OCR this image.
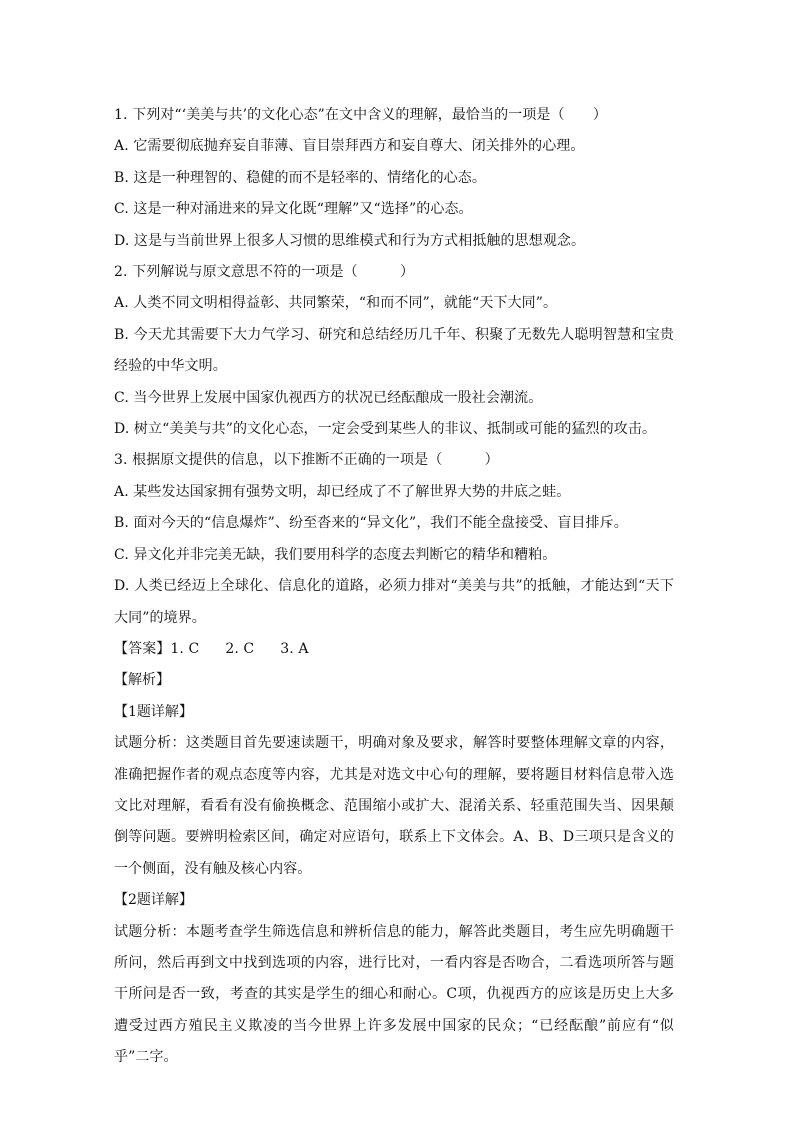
1. 下列对“‘美美与共’的文化心态”在文中含义的理解，最恰当的一项是（　　）
A. 它需要彻底抛弃妄自菲薄、盲目崇拜西方和妄自尊大、闭关排外的心理。
B. 这是一种理智的、稳健的而不是轻率的、情绪化的心态。
C. 这是一种对涌进来的异文化既“理解”又“选择”的心态。
D. 这是与当前世界上很多人习惯的思维模式和行为方式相抵触的思想观念。
2. 下列解说与原文意思不符的一项是（　　　）
A. 人类不同文明相得益彰、共同繁荣，“和而不同”，就能“天下大同”。
B. 今天尤其需要下大力气学习、研究和总结经历几千年、积聚了无数先人聪明智慧和宝贵经验的中华文明。
C. 当今世界上发展中国家仇视西方的状况已经酝酿成一股社会潮流。
D. 树立“美美与共”的文化心态，一定会受到某些人的非议、抵制或可能的猛烈的攻击。
3. 根据原文提供的信息，以下推断不正确的一项是（　　　）
A. 某些发达国家拥有强势文明，却已经成了不了解世界大势的井底之蛙。
B. 面对今天的“信息爆炸”、纷至沓来的“异文化”，我们不能全盘接受、盲目排斥。
C. 异文化并非完美无缺，我们要用科学的态度去判断它的精华和糟粕。
D. 人类已经迈上全球化、信息化的道路，必须力排对“美美与共”的抵触，才能达到“天下大同”的境界。
【答案】1. C 2. C 3. A
【解析】
【1题详解】
试题分析：这类题目首先要速读题干，明确对象及要求，解答时要整体理解文章的内容，准确把握作者的观点态度等内容，尤其是对选文中心句的理解，要将题目材料信息带入选文比对理解，看看有没有偷换概念、范围缩小或扩大、混淆关系、轻重范围失当、因果颠倒等问题。要辨明检索区间，确定对应语句，联系上下文体会。A、B、D三项只是含义的一个侧面，没有触及核心内容。
【2题详解】
试题分析：本题考查学生筛选信息和辨析信息的能力，解答此类题目，考生应先明确题干所问，然后再到文中找到选项的内容，进行比对，一看内容是否吻合，二看选项所答与题干所问是否一致，考查的其实是学生的细心和耐心。C项，仇视西方的应该是历史上大多遭受过西方殖民主义欺凌的当今世界上许多发展中国家的民众；“已经酝酿”前应有“似乎”二字。
